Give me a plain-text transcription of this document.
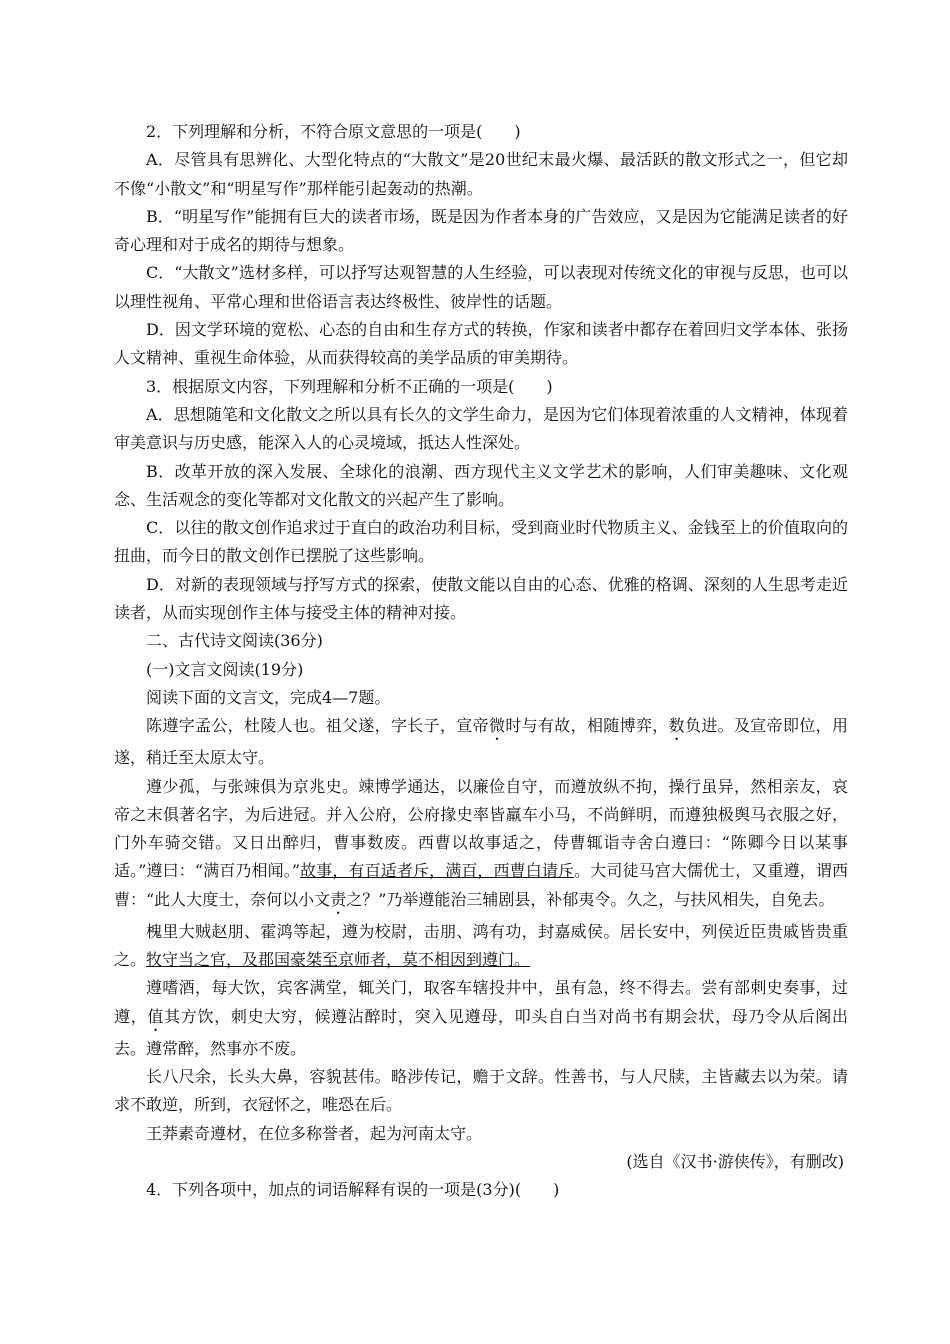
2．下列理解和分析，不符合原文意思的一项是(　　)

A．尽管具有思辨化、大型化特点的“大散文”是20世纪末最火爆、最活跃的散文形式之一，但它却不像“小散文”和“明星写作”那样能引起轰动的热潮。

B．“明星写作”能拥有巨大的读者市场，既是因为作者本身的广告效应，又是因为它能满足读者的好奇心理和对于成名的期待与想象。

C．“大散文”选材多样，可以抒写达观智慧的人生经验，可以表现对传统文化的审视与反思，也可以以理性视角、平常心理和世俗语言表达终极性、彼岸性的话题。

D．因文学环境的宽松、心态的自由和生存方式的转换，作家和读者中都存在着回归文学本体、张扬人文精神、重视生命体验，从而获得较高的美学品质的审美期待。

3．根据原文内容，下列理解和分析不正确的一项是(　　)

A．思想随笔和文化散文之所以具有长久的文学生命力，是因为它们体现着浓重的人文精神，体现着审美意识与历史感，能深入人的心灵境域，抵达人性深处。

B．改革开放的深入发展、全球化的浪潮、西方现代主义文学艺术的影响，人们审美趣味、文化观念、生活观念的变化等都对文化散文的兴起产生了影响。

C．以往的散文创作追求过于直白的政治功利目标，受到商业时代物质主义、金钱至上的价值取向的扭曲，而今日的散文创作已摆脱了这些影响。

D．对新的表现领域与抒写方式的探索，使散文能以自由的心态、优雅的格调、深刻的人生思考走近读者，从而实现创作主体与接受主体的精神对接。

二、古代诗文阅读(36分)

(一)文言文阅读(19分)

阅读下面的文言文，完成4—7题。

陈遵字孟公，杜陵人也。祖父遂，字长子，宣帝微时与有故，相随博弈，数负进。及宣帝即位，用遂，稍迁至太原太守。

遵少孤，与张竦俱为京兆史。竦博学通达，以廉俭自守，而遵放纵不拘，操行虽异，然相亲友，哀帝之末俱著名字，为后进冠。并入公府，公府掾史率皆羸车小马，不尚鲜明，而遵独极舆马衣服之好，门外车骑交错。又日出醉归，曹事数废。西曹以故事适之，侍曹辄诣寺舍白遵曰：“陈卿今日以某事适。”遵曰：“满百乃相闻。”故事，有百适者斥，满百，西曹白请斥。大司徒马宫大儒优士，又重遵，谓西曹：“此人大度士，奈何以小文责之？”乃举遵能治三辅剧县，补郁夷令。久之，与扶风相失，自免去。

槐里大贼赵朋、霍鸿等起，遵为校尉，击朋、鸿有功，封嘉威侯。居长安中，列侯近臣贵戚皆贵重之。牧守当之官，及郡国豪桀至京师者，莫不相因到遵门。

遵嗜酒，每大饮，宾客满堂，辄关门，取客车辖投井中，虽有急，终不得去。尝有部刺史奏事，过遵，值其方饮，刺史大穷，候遵沾醉时，突入见遵母，叩头自白当对尚书有期会状，母乃令从后阁出去。遵常醉，然事亦不废。

长八尺余，长头大鼻，容貌甚伟。略涉传记，赡于文辞。性善书，与人尺牍，主皆藏去以为荣。请求不敢逆，所到，衣冠怀之，唯恐在后。

王莽素奇遵材，在位多称誉者，起为河南太守。

(选自《汉书·游侠传》，有删改)

4．下列各项中，加点的词语解释有误的一项是(3分)(　　)
